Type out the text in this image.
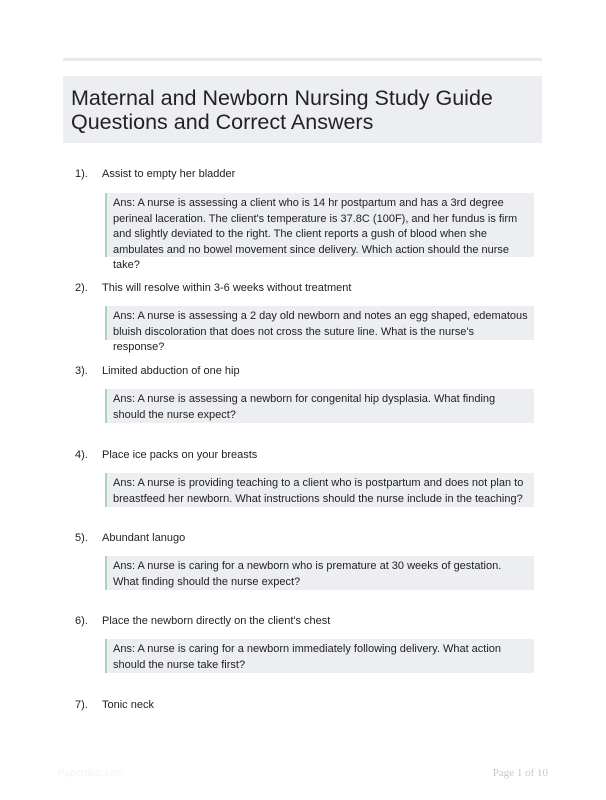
Maternal and Newborn Nursing Study Guide
Questions and Correct Answers
1). Assist to empty her bladder
Ans: A nurse is assessing a client who is 14 hr postpartum and has a 3rd degree perineal laceration. The client's temperature is 37.8C (100F), and her fundus is firm and slightly deviated to the right. The client reports a gush of blood when she ambulates and no bowel movement since delivery. Which action should the nurse take?
2). This will resolve within 3-6 weeks without treatment
Ans: A nurse is assessing a 2 day old newborn and notes an egg shaped, edematous bluish discoloration that does not cross the suture line. What is the nurse's response?
3). Limited abduction of one hip
Ans: A nurse is assessing a newborn for congenital hip dysplasia. What finding should the nurse expect?
4). Place ice packs on your breasts
Ans: A nurse is providing teaching to a client who is postpartum and does not plan to breastfeed her newborn. What instructions should the nurse include in the teaching?
5). Abundant lanugo
Ans: A nurse is caring for a newborn who is premature at 30 weeks of gestation. What finding should the nurse expect?
6). Place the newborn directly on the client's chest
Ans: A nurse is caring for a newborn immediately following delivery. What action should the nurse take first?
7). Tonic neck
Papertibic.com	Page 1 of 10
